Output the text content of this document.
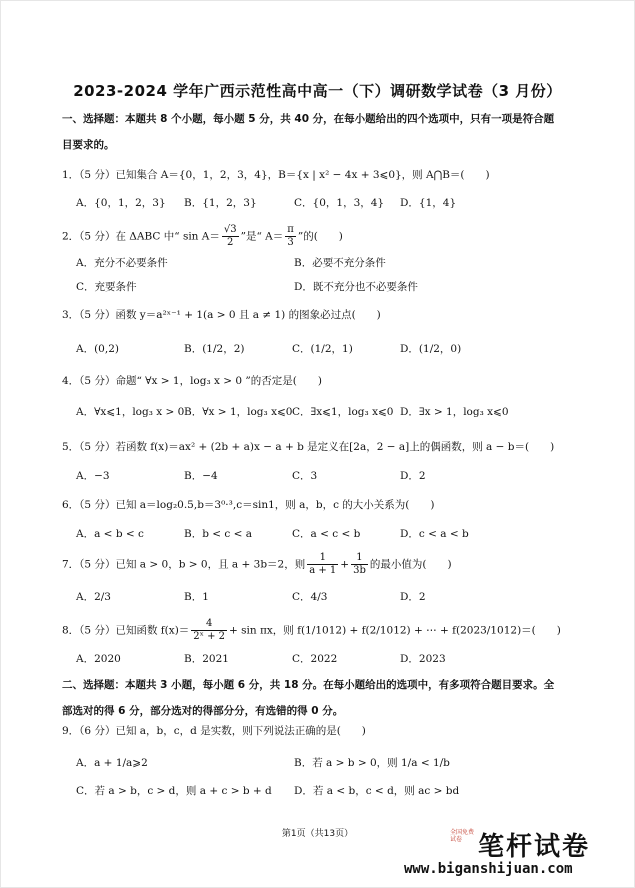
2023-2024 学年广西示范性高中高一（下）调研数学试卷（3 月份）
一、选择题：本题共 8 个小题，每小题 5 分，共 40 分，在每小题给出的四个选项中，只有一项是符合题
目要求的。
1．（5 分）已知集合 A＝{0，1，2，3，4}，B＝{x | x² − 4x + 3⩽0}，则 A⋂B＝(　　)
A．{0，1，2，3} B．{1，2，3}	C．{0，1，3，4} D．{1，4}
2．（5 分）在 ΔABC 中“ $\sin A= \frac{√3}{2}$ ”是“ $A= \frac{\pi}{3}$ ”的(　　)
A．充分不必要条件	B．必要不充分条件
C．充要条件	D．既不充分也不必要条件
3．（5 分）函数 y＝a²ˣ⁻¹ + 1(a > 0 且 a ≠ 1) 的图象必过点(　　)
A．(0,2)	B．(1/2，2)	C．(1/2，1)	D．(1/2，0)
4．（5 分）命题“ ∀x > 1，log₃ x > 0 ”的否定是(　　)
A．∀x⩽1，log₃ x > 0 B．∀x > 1，log₃ x⩽0 C．∃x⩽1，log₃ x⩽0 D．∃x > 1，log₃ x⩽0
5．（5 分）若函数 f(x)＝ax² + (2b + a)x − a + b 是定义在[2a，2 − a]上的偶函数，则 a − b＝(　　)
A．−3	B．−4	C．3	D．2
6．（5 分）已知 a＝log₂0.5,b＝3⁰·³,c＝sin1，则 a，b，c 的大小关系为(　　)
A．a < b < c	B．b < c < a	C．a < c < b	D．c < a < b
7．（5 分）已知 a > 0，b > 0，且 a + 3b＝2，则 $\frac{1}{a + 1} + \frac{1}{3b}$ 的最小值为(　　)
A．2/3	B．1	C．4/3	D．2
8．（5 分）已知函数 $f(x)= \frac{4}{\text{2ˣ + 2}} + \sin \pi x$，则 f(1/1012) + f(2/1012) + ⋯ + f(2023/1012)＝(　　)
A．2020	B．2021	C．2022	D．2023
二、选择题：本题共 3 小题，每小题 6 分，共 18 分。在每小题给出的选项中，有多项符合题目要求。全
部选对的得 6 分，部分选对的得部分分，有选错的得 0 分。
9．（6 分）已知 a，b，c，d 是实数，则下列说法正确的是(　　)
A．a + 1/a⩾2	B．若 a > b > 0，则 1/a < 1/b
C．若 a > b，c > d，则 a + c > b + d D．若 a < b，c < d，则 ac > bd
第1页（共13页）	全国免费试卷 笔杆试卷
www.biganshijuan.com
